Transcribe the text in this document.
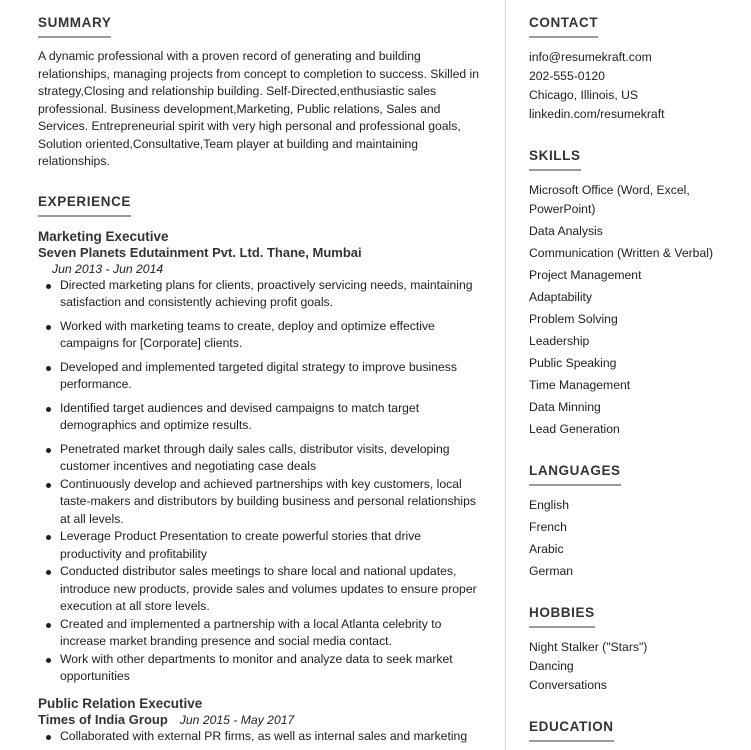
SUMMARY

A dynamic professional with a proven record of generating and building relationships, managing projects from concept to completion to success. Skilled in strategy,Closing and relationship building. Self-Directed,enthusiastic sales professional. Business development,Marketing, Public relations, Sales and Services. Entrepreneurial spirit with very high personal and professional goals, Solution oriented,Consultative,Team player at building and maintaining relationships.

EXPERIENCE
Marketing Executive
Seven Planets Edutainment Pvt. Ltd. Thane, Mumbai
Jun 2013 - Jun 2014
Directed marketing plans for clients, proactively servicing needs, maintaining satisfaction and consistently achieving profit goals.
Worked with marketing teams to create, deploy and optimize effective campaigns for [Corporate] clients.
Developed and implemented targeted digital strategy to improve business performance.
Identified target audiences and devised campaigns to match target demographics and optimize results.
Penetrated market through daily sales calls, distributor visits, developing customer incentives and negotiating case deals
Continuously develop and achieved partnerships with key customers, local taste-makers and distributors by building business and personal relationships at all levels.
Leverage Product Presentation to create powerful stories that drive productivity and profitability
Conducted distributor sales meetings to share local and national updates, introduce new products, provide sales and volumes updates to ensure proper execution at all store levels.
Created and implemented a partnership with a local Atlanta celebrity to increase market branding presence and social media contact.
Work with other departments to monitor and analyze data to seek market opportunities
Public Relation Executive
Times of India Group Jun 2015 - May 2017
Collaborated with external PR firms, as well as internal sales and marketing
CONTACT
info@resumekraft.com
202-555-0120
Chicago, Illinois, US
linkedin.com/resumekraft
SKILLS
Microsoft Office (Word, Excel, PowerPoint)
Data Analysis
Communication (Written & Verbal)
Project Management
Adaptability
Problem Solving
Leadership
Public Speaking
Time Management
Data Minning
Lead Generation
LANGUAGES
English
French
Arabic
German
HOBBIES
Night Stalker ("Stars")
Dancing
Conversations
EDUCATION
